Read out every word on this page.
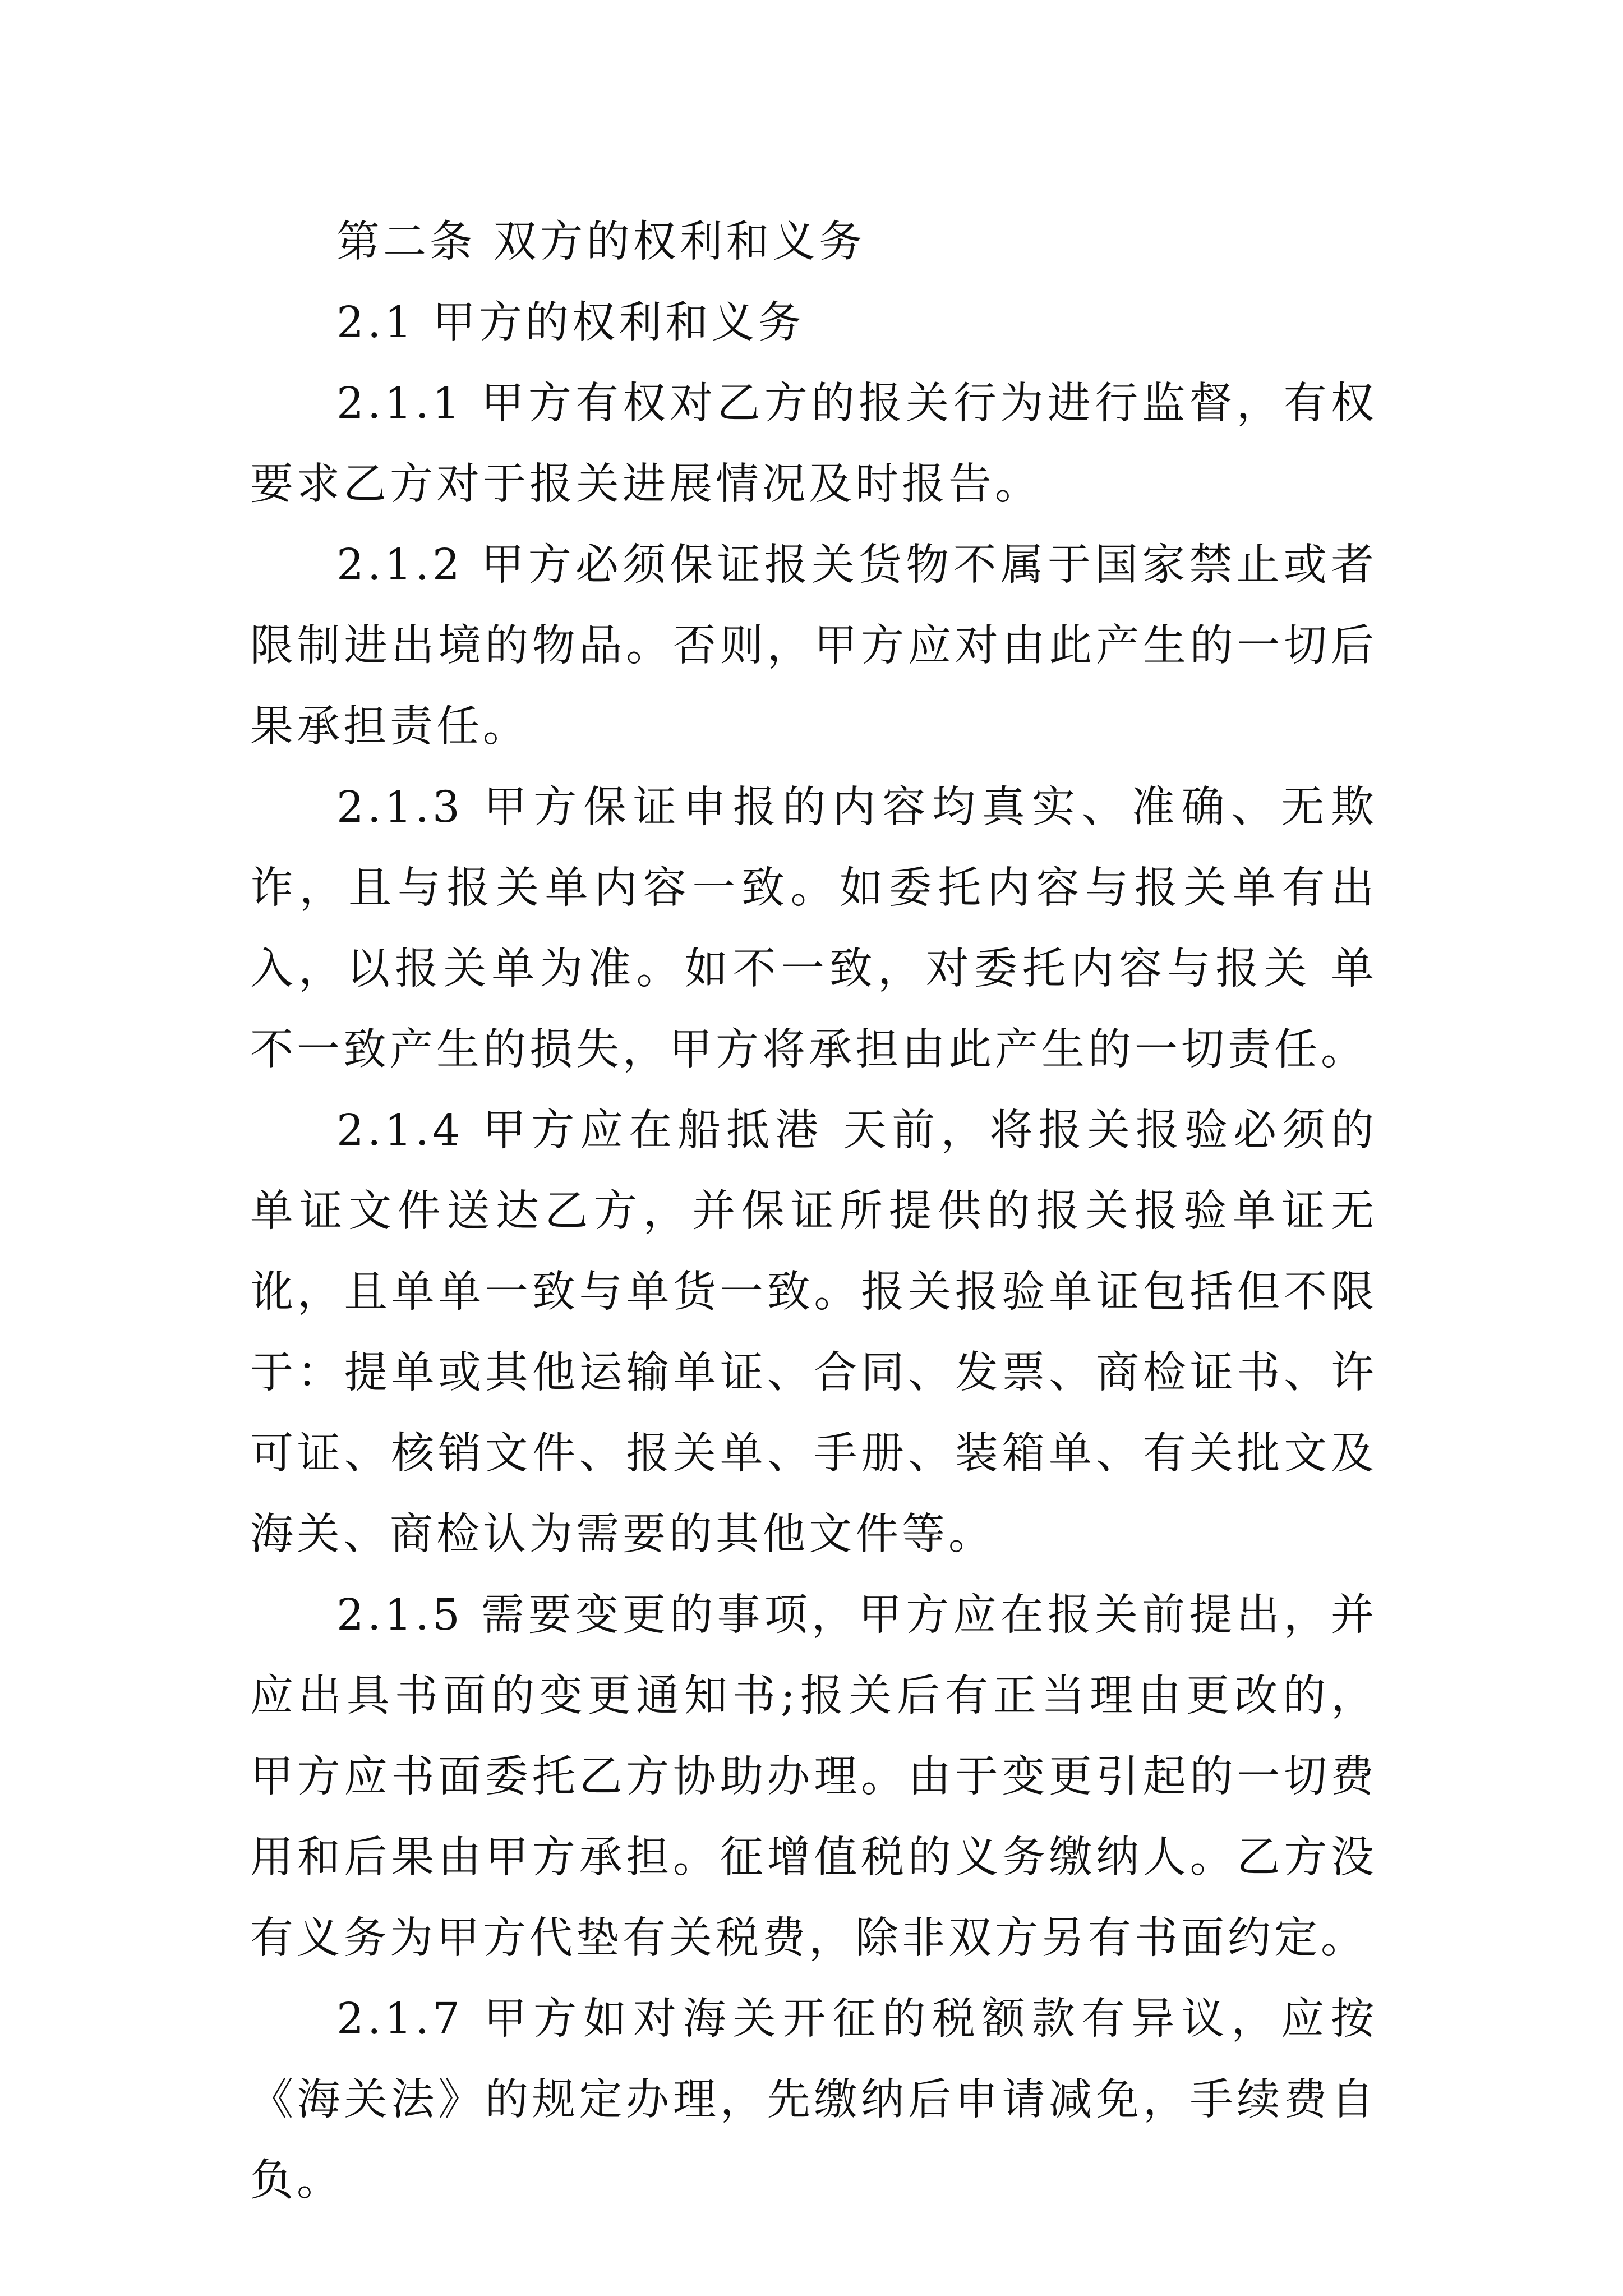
第二条 双方的权利和义务

2.1 甲方的权利和义务

2.1.1 甲方有权对乙方的报关行为进行监督，有权要求乙方对于报关进展情况及时报告。

2.1.2 甲方必须保证报关货物不属于国家禁止或者限制进出境的物品。否则，甲方应对由此产生的一切后果承担责任。

2.1.3 甲方保证申报的内容均真实、准确、无欺诈，且与报关单内容一致。如委托内容与报关单有出入，以报关单为准。如不一致，对委托内容与报关 单不一致产生的损失，甲方将承担由此产生的一切责任。

2.1.4 甲方应在船抵港 天前，将报关报验必须的单证文件送达乙方，并保证所提供的报关报验单证无讹，且单单一致与单货一致。报关报验单证包括但不限于：提单或其他运输单证、合同、发票、商检证书、许可证、核销文件、报关单、手册、装箱单、有关批文及海关、商检认为需要的其他文件等。

2.1.5 需要变更的事项，甲方应在报关前提出，并应出具书面的变更通知书;报关后有正当理由更改的，甲方应书面委托乙方协助办理。由于变更引起的一切费用和后果由甲方承担。征增值税的义务缴纳人。乙方没有义务为甲方代垫有关税费，除非双方另有书面约定。

2.1.7 甲方如对海关开征的税额款有异议，应按《海关法》的规定办理，先缴纳后申请减免，手续费自负。
